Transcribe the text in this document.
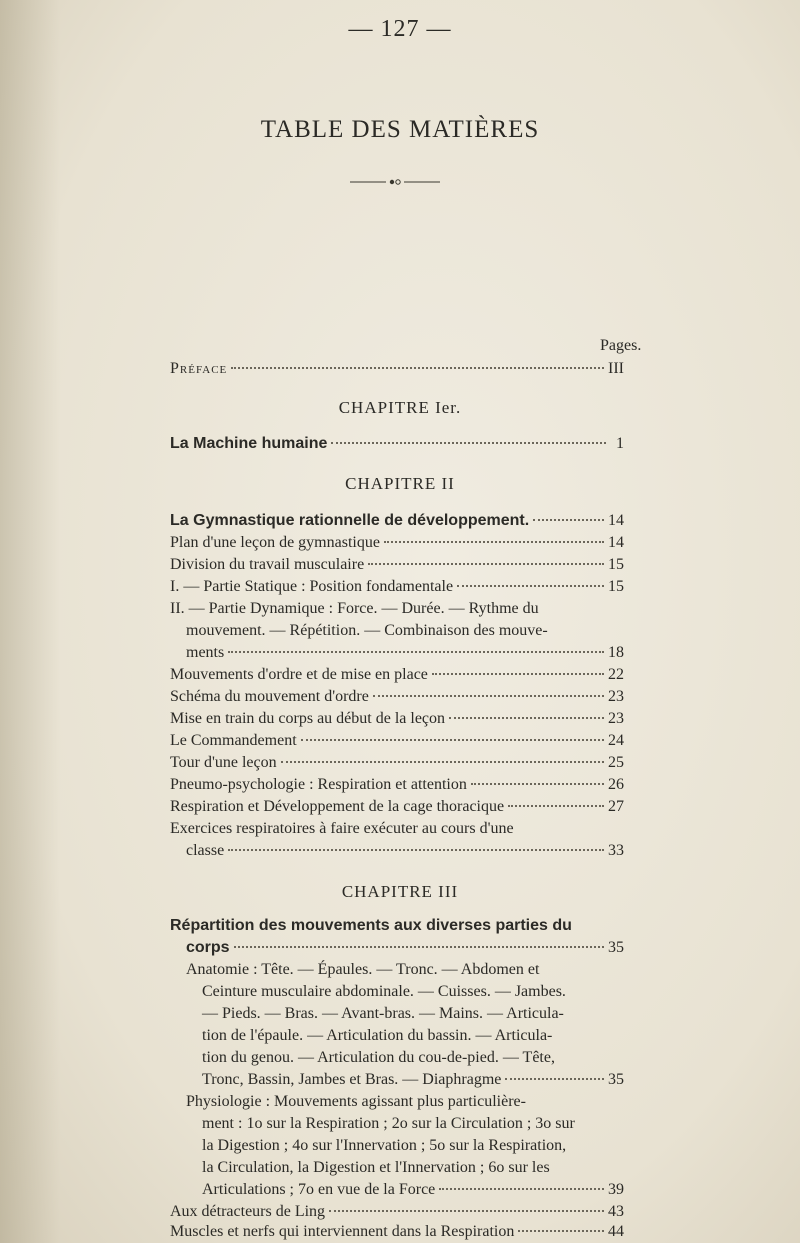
— 127 —
TABLE DES MATIÈRES
Pages.
Préface	III
CHAPITRE Ier.
La Machine humaine	1
CHAPITRE II
La Gymnastique rationnelle de développement.	14
Plan d'une leçon de gymnastique	14
Division du travail musculaire	15
I. — Partie Statique : Position fondamentale	15
II. — Partie Dynamique : Force. — Durée. — Rythme du
mouvement. — Répétition. — Combinaison des mouve-
ments	18
Mouvements d'ordre et de mise en place	22
Schéma du mouvement d'ordre	23
Mise en train du corps au début de la leçon	23
Le Commandement	24
Tour d'une leçon	25
Pneumo-psychologie : Respiration et attention	26
Respiration et Développement de la cage thoracique	27
Exercices respiratoires à faire exécuter au cours d'une
classe	33
CHAPITRE III
Répartition des mouvements aux diverses parties du
corps	35
Anatomie : Tête. — Épaules. — Tronc. — Abdomen et
Ceinture musculaire abdominale. — Cuisses. — Jambes.
— Pieds. — Bras. — Avant-bras. — Mains. — Articula-
tion de l'épaule. — Articulation du bassin. — Articula-
tion du genou. — Articulation du cou-de-pied. — Tête,
Tronc, Bassin, Jambes et Bras. — Diaphragme	35
Physiologie : Mouvements agissant plus particulière-
ment : 1o sur la Respiration ; 2o sur la Circulation ; 3o sur
la Digestion ; 4o sur l'Innervation ; 5o sur la Respiration,
la Circulation, la Digestion et l'Innervation ; 6o sur les
Articulations ; 7o en vue de la Force	39
Aux détracteurs de Ling	43
Muscles et nerfs qui interviennent dans la Respiration	44
